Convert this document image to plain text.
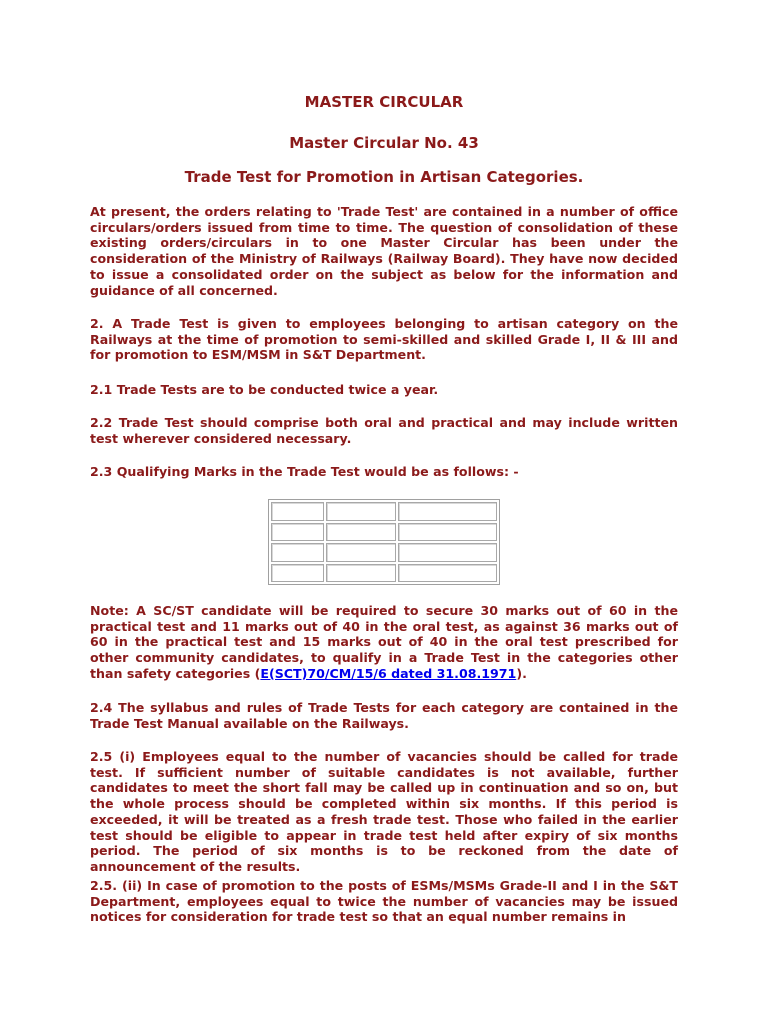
MASTER CIRCULAR
Master Circular No. 43
Trade Test for Promotion in Artisan Categories.

At present, the orders relating to 'Trade Test' are contained in a number of office circulars/orders issued from time to time. The question of consolidation of these existing orders/circulars in to one Master Circular has been under the consideration of the Ministry of Railways (Railway Board). They have now decided to issue a consolidated order on the subject as below for the information and guidance of all concerned.

2. A Trade Test is given to employees belonging to artisan category on the Railways at the time of promotion to semi-skilled and skilled Grade I, II & III and for promotion to ESM/MSM in S&T Department.

2.1 Trade Tests are to be conducted twice a year.

2.2 Trade Test should comprise both oral and practical and may include written test wherever considered necessary.

2.3 Qualifying Marks in the Trade Test would be as follows: -

Note: A SC/ST candidate will be required to secure 30 marks out of 60 in the practical test and 11 marks out of 40 in the oral test, as against 36 marks out of 60 in the practical test and 15 marks out of 40 in the oral test prescribed for other community candidates, to qualify in a Trade Test in the categories other than safety categories (E(SCT)70/CM/15/6 dated 31.08.1971).

2.4 The syllabus and rules of Trade Tests for each category are contained in the Trade Test Manual available on the Railways.

2.5 (i) Employees equal to the number of vacancies should be called for trade test. If sufficient number of suitable candidates is not available, further candidates to meet the short fall may be called up in continuation and so on, but the whole process should be completed within six months. If this period is exceeded, it will be treated as a fresh trade test. Those who failed in the earlier test should be eligible to appear in trade test held after expiry of six months period. The period of six months is to be reckoned from the date of announcement of the results.

2.5. (ii) In case of promotion to the posts of ESMs/MSMs Grade-II and I in the S&T Department, employees equal to twice the number of vacancies may be issued notices for consideration for trade test so that an equal number remains in
